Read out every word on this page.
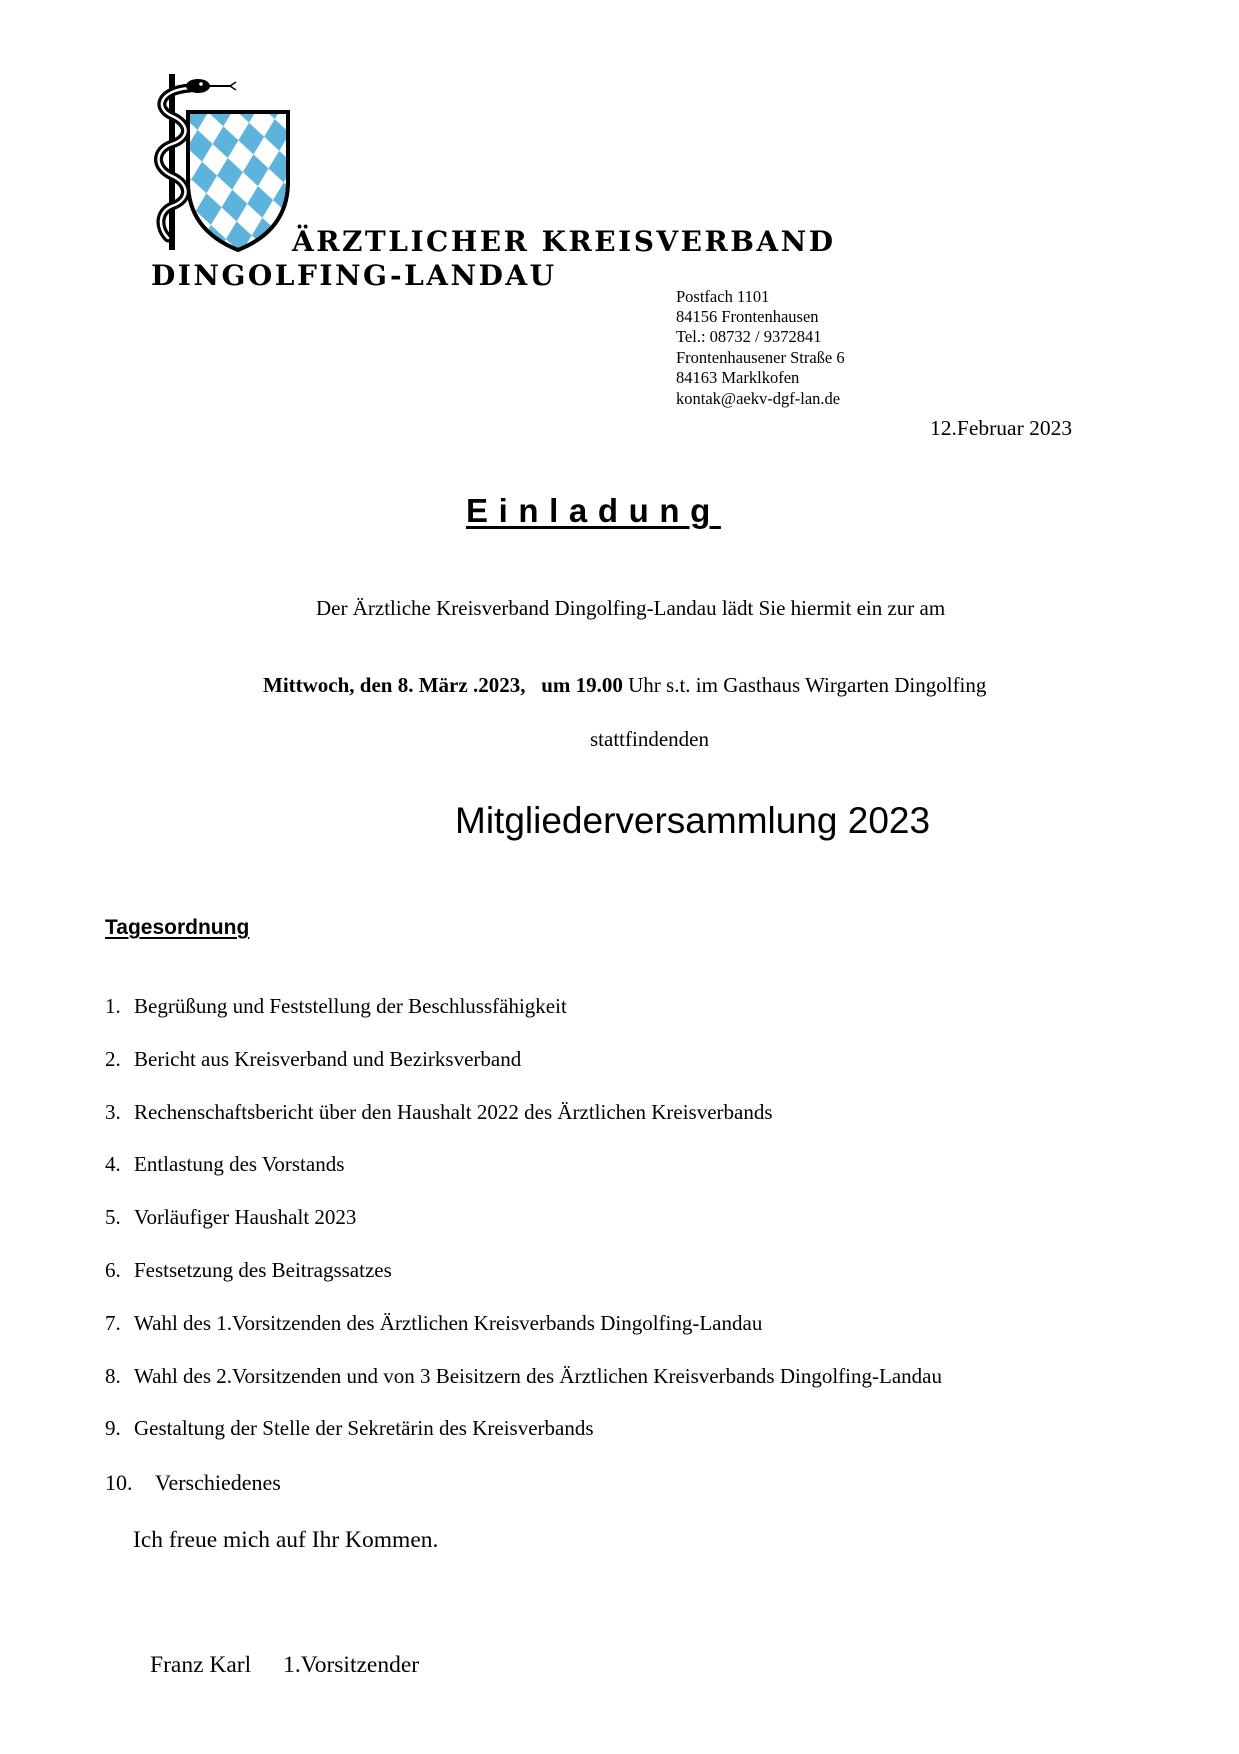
ÄRZTLICHER KREISVERBAND
DINGOLFING-LANDAU
Postfach 1101
84156 Frontenhausen
Tel.: 08732 / 9372841
Frontenhausener Straße 6
84163 Marklkofen
kontak@aekv-dgf-lan.de
12.Februar 2023
Einladung
Der Ärztliche Kreisverband Dingolfing-Landau lädt Sie hiermit ein zur am
Mittwoch, den 8. März .2023, um 19.00 Uhr s.t. im Gasthaus Wirgarten Dingolfing
stattfindenden
Mitgliederversammlung 2023
Tagesordnung
1. Begrüßung und Feststellung der Beschlussfähigkeit
2. Bericht aus Kreisverband und Bezirksverband
3. Rechenschaftsbericht über den Haushalt 2022 des Ärztlichen Kreisverbands
4. Entlastung des Vorstands
5. Vorläufiger Haushalt 2023
6. Festsetzung des Beitragssatzes
7. Wahl des 1.Vorsitzenden des Ärztlichen Kreisverbands Dingolfing-Landau
8. Wahl des 2.Vorsitzenden und von 3 Beisitzern des Ärztlichen Kreisverbands Dingolfing-Landau
9. Gestaltung der Stelle der Sekretärin des Kreisverbands
10. Verschiedenes
Ich freue mich auf Ihr Kommen.
Franz Karl 1.Vorsitzender
